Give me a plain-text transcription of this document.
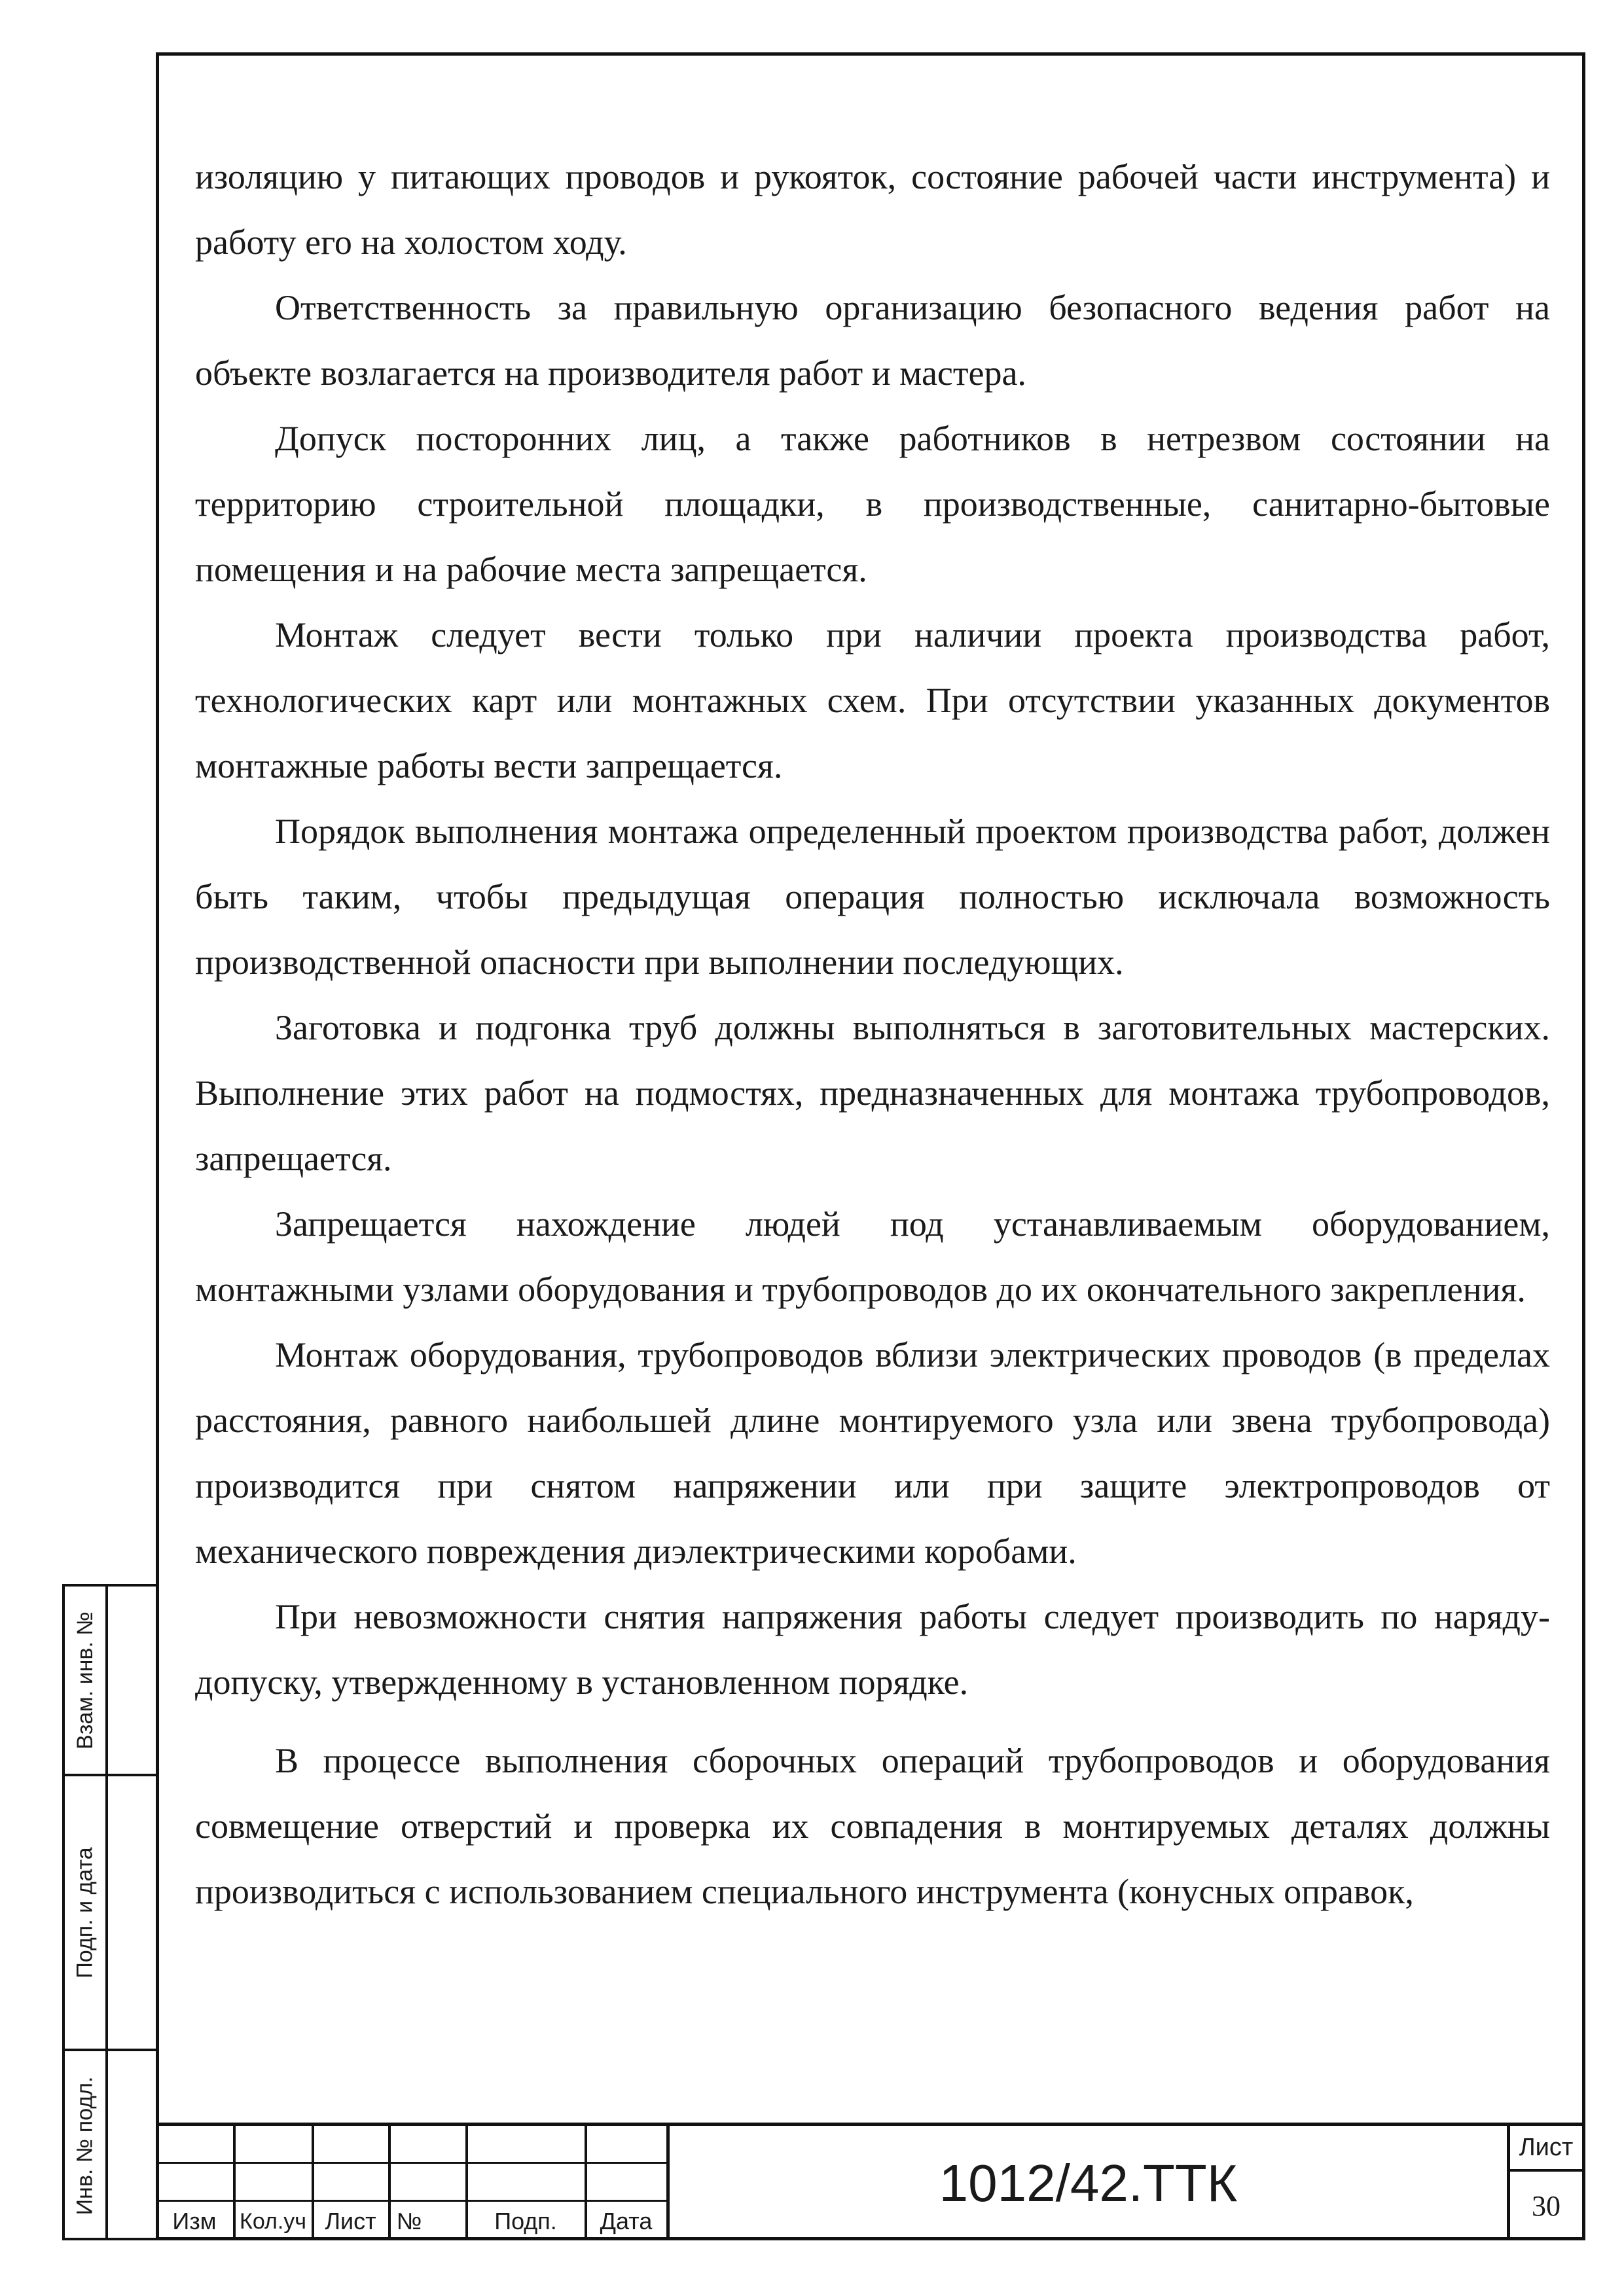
изоляцию у питающих проводов и рукояток, состояние рабочей части инструмента) и работу его на холостом ходу.

Ответственность за правильную организацию безопасного ведения работ на объекте возлагается на производителя работ и мастера.

Допуск посторонних лиц, а также работников в нетрезвом состоянии на территорию строительной площадки, в производственные, санитарно-бытовые помещения и на рабочие места запрещается.

Монтаж следует вести только при наличии проекта производства работ, технологических карт или монтажных схем. При отсутствии указанных документов монтажные работы вести запрещается.

Порядок выполнения монтажа определенный проектом производства работ, должен быть таким, чтобы предыдущая операция полностью исключала возможность производственной опасности при выполнении последующих.

Заготовка и подгонка труб должны выполняться в заготовительных мастерских. Выполнение этих работ на подмостях, предназначенных для монтажа трубопроводов, запрещается.

Запрещается нахождение людей под устанавливаемым оборудованием, монтажными узлами оборудования и трубопроводов до их окончательного закрепления.

Монтаж оборудования, трубопроводов вблизи электрических проводов (в пределах расстояния, равного наибольшей длине монтируемого узла или звена трубопровода) производится при снятом напряжении или при защите электропроводов от механического повреждения диэлектрическими коробами.

При невозможности снятия напряжения работы следует производить по наряду-допуску, утвержденному в установленном порядке.

В процессе выполнения сборочных операций трубопроводов и оборудования совмещение отверстий и проверка их совпадения в монтируемых деталях должны производиться с использованием специального инструмента (конусных оправок,

Взам. инв. №
Подп. и дата
Инв. № подл.
Изм	Кол.уч Лист №	Подп.	Дата
1012/42.ТТК
Лист
30
